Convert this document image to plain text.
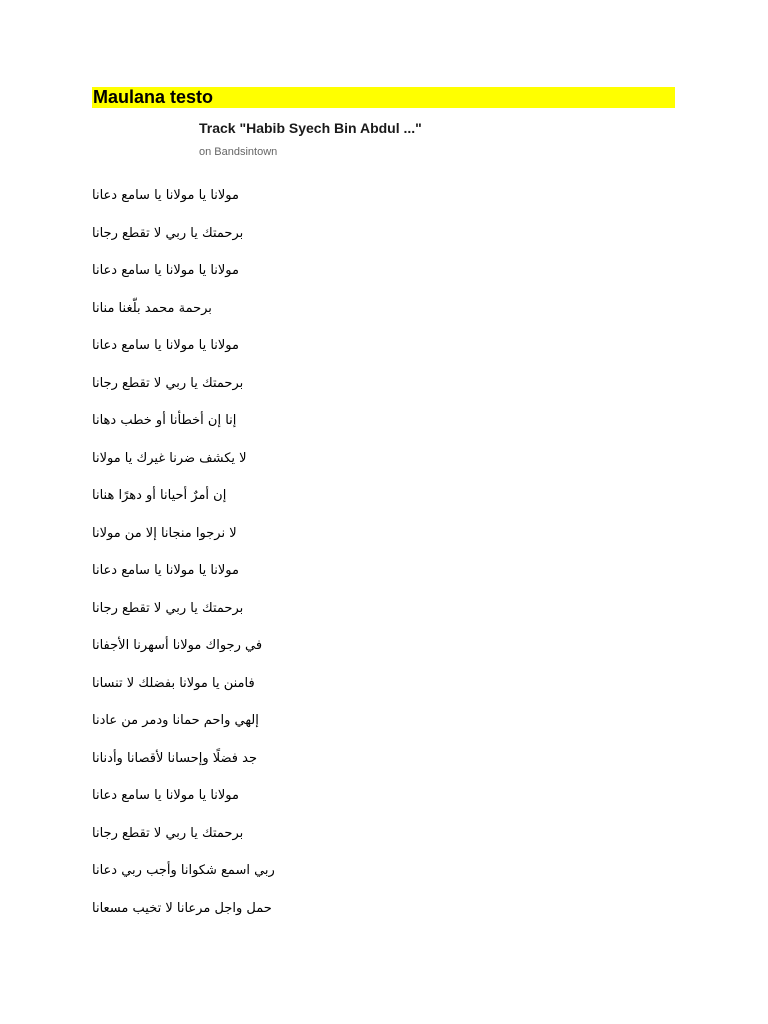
Maulana testo
Track "Habib Syech Bin Abdul ..."
on Bandsintown
مولانا يا مولانا يا سامع دعانا
برحمتك يا ربي لا تقطع رجانا
مولانا يا مولانا يا سامع دعانا
برحمة محمد بلّغنا منانا
مولانا يا مولانا يا سامع دعانا
برحمتك يا ربي لا تقطع رجانا
إنا إن أخطأنا أو خطب دهانا
لا يكشف ضرنا غيرك يا مولانا
إن أمرٌ أحيانا أو دهرًا هنانا
لا نرجوا منجانا إلا من مولانا
مولانا يا مولانا يا سامع دعانا
برحمتك يا ربي لا تقطع رجانا
في رجواك مولانا أسهرنا الأجفانا
فامنن يا مولانا بفضلك لا تنسانا
إلهي واحم حمانا ودمر من عادنا
جد فضلًا وإحسانا لأقصانا وأدنانا
مولانا يا مولانا يا سامع دعانا
برحمتك يا ربي لا تقطع رجانا
ربي اسمع شكوانا وأجب ربي دعانا
حمل واجل مرعانا لا تخيب مسعانا
